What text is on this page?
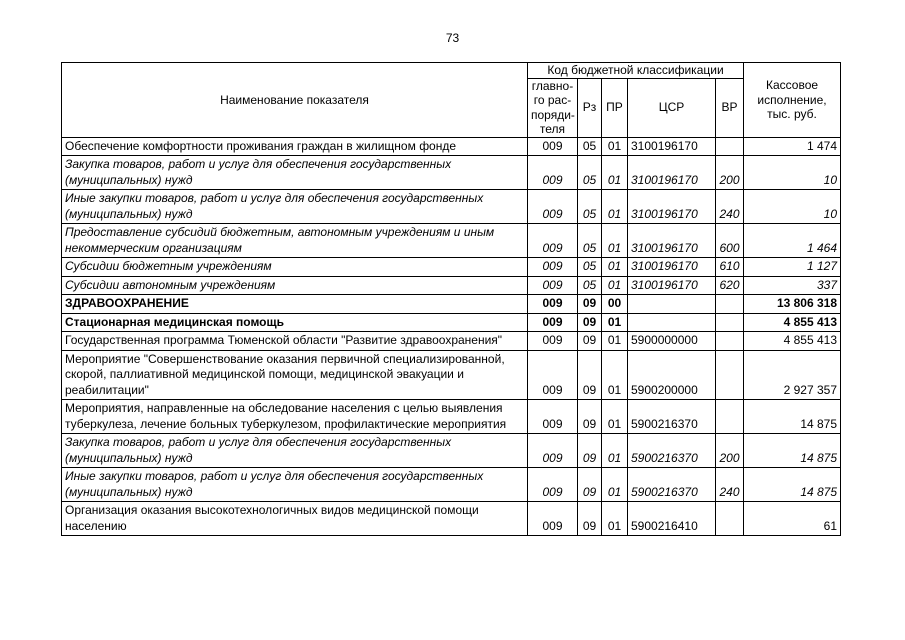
73
Наименование показателя	Код бюджетной классификации					Кассовое исполнение, тыс. руб.
	главно-го рас-поряди-теля	Рз	ПР	ЦСР	ВР	
Обеспечение комфортности проживания граждан в жилищном фонде	009	05	01	3100196170		1 474
Закупка товаров, работ и услуг для обеспечения государственных (муниципальных) нужд	009	05	01	3100196170	200	10
Иные закупки товаров, работ и услуг для обеспечения государственных (муниципальных) нужд	009	05	01	3100196170	240	10
Предоставление субсидий бюджетным, автономным учреждениям и иным некоммерческим организациям	009	05	01	3100196170	600	1 464
Субсидии бюджетным учреждениям	009	05	01	3100196170	610	1 127
Субсидии автономным учреждениям	009	05	01	3100196170	620	337
ЗДРАВООХРАНЕНИЕ	009	09	00			13 806 318
Стационарная медицинская помощь	009	09	01			4 855 413
Государственная программа Тюменской области "Развитие здравоохранения"	009	09	01	5900000000		4 855 413
Мероприятие "Совершенствование оказания первичной специализированной, скорой, паллиативной медицинской помощи, медицинской эвакуации и реабилитации"	009	09	01	5900200000		2 927 357
Мероприятия, направленные на обследование населения с целью выявления туберкулеза, лечение больных туберкулезом, профилактические мероприятия	009	09	01	5900216370		14 875
Закупка товаров, работ и услуг для обеспечения государственных (муниципальных) нужд	009	09	01	5900216370	200	14 875
Иные закупки товаров, работ и услуг для обеспечения государственных (муниципальных) нужд	009	09	01	5900216370	240	14 875
Организация оказания высокотехнологичных видов медицинской помощи населению	009	09	01	5900216410		61
